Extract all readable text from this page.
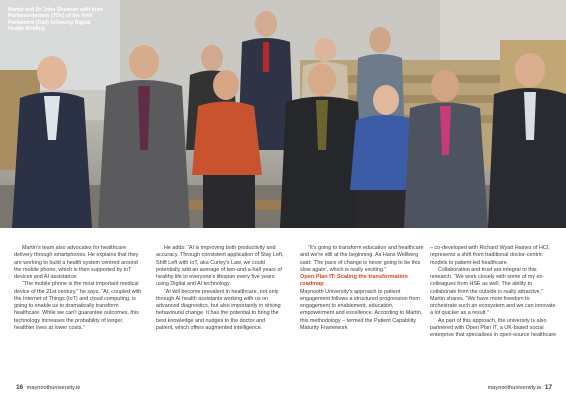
Martin and Dr John Sheahan with Irish Parliamentarians (TDs) of the Irish Parliament (Dáil) following Digital Health Briefing

Martin's team also advocates for healthcare delivery through smartphones. He explains that they are working to build a health system centred around the mobile phone, which is then supported by IoT devices and AI assistance:

“The mobile phone is the most important medical device of the 21st century,” he says. “AI, coupled with the Internet of Things (IoT) and cloud computing, is going to enable us to dramatically transform healthcare. While we can't guarantee outcomes, this technology increases the probability of longer, healthier lives at lower costs.”

He adds: “AI is improving both productivity and accuracy. Through consistent application of Stay Left, Shift Left with IoT, aka Curley's Law, we could potentially add an average of two-and-a-half years of healthy life to everyone's lifespan every five years using Digital and AI technology.

“AI will become prevalent in healthcare, not only through AI health assistants working with us on advanced diagnostics, but also importantly in driving behavioural change. It has the potential to bring the best knowledge and nudges to the doctor and patient, which offers augmented intelligence.

“It's going to transform education and healthcare and we're still at the beginning. As Hans Wellberg said: ‘The pace of change is never going to be this slow again’, which is really exciting.”

Open Plan IT: Scaling the transformation roadmap

Maynooth University's approach to patient engagement follows a structured progression from engagement to enablement, education, empowerment and excellence. According to Martin, this methodology – termed the Patient Capability Maturity Framework

– co-developed with Richard Wyatt Haines of HCI, represents a shift from traditional doctor-centric models to patient-led healthcare.

Collaboration and trust are integral to this research. “We work closely with some of my ex-colleagues from HSE as well. The ability to collaborate from the outside is really attractive,” Martin shares. “We have more freedom to orchestrate such an ecosystem and we can innovate a lot quicker as a result.”

As part of this approach, the university is also partnered with Open Plan IT, a UK-based social enterprise that specialises in open-source healthcare

16 maynoothuniversity.ie	maynoothuniversity.ie 17
